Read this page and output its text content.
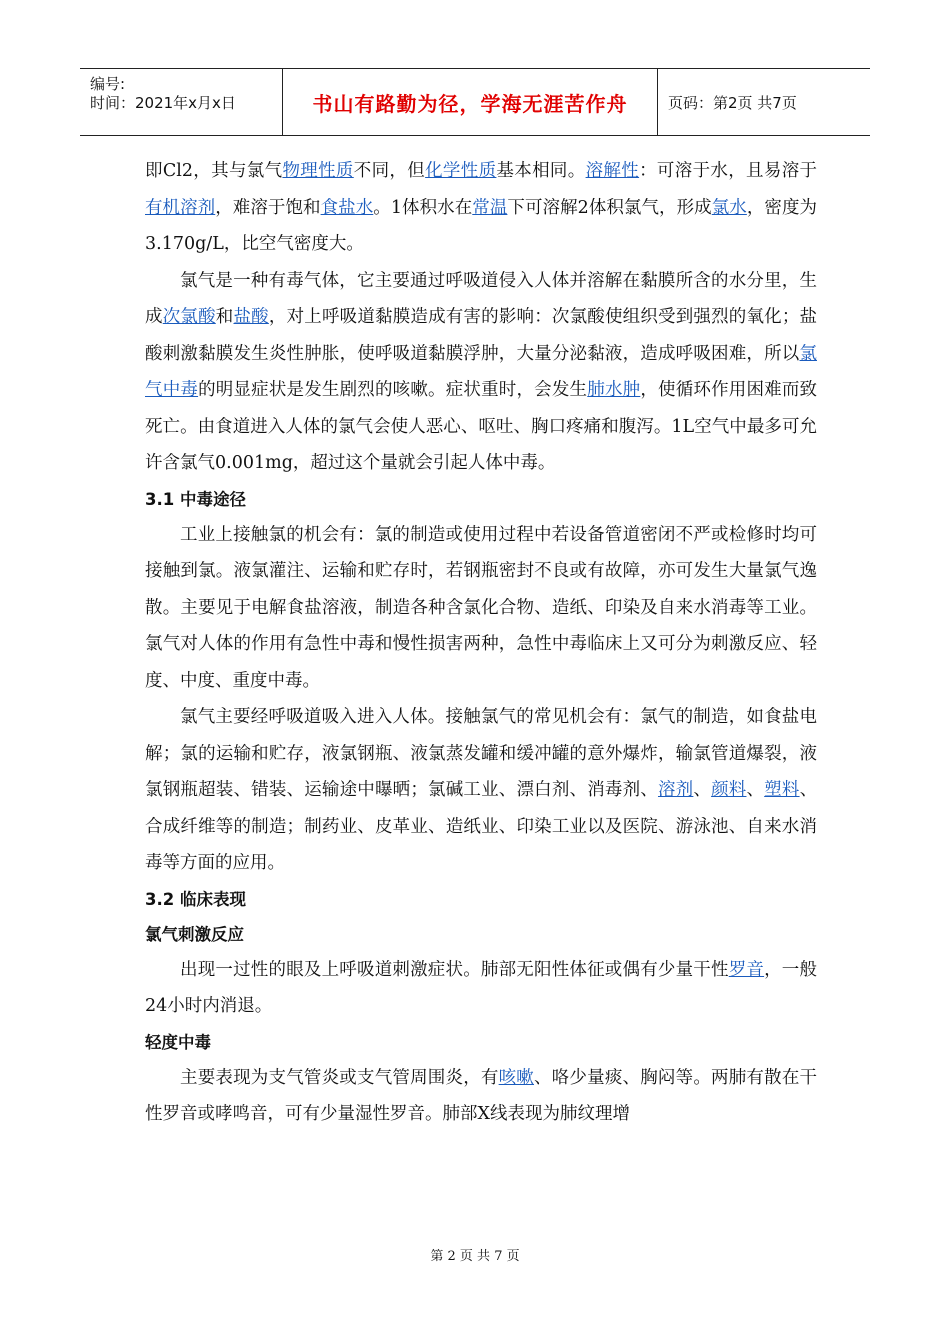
编号:
时间：2021年x月x日	书山有路勤为径，学海无涯苦作舟	页码：第2页 共7页

即Cl2，其与氯气物理性质不同，但化学性质基本相同。溶解性：可溶于水，且易溶于有机溶剂，难溶于饱和食盐水。1体积水在常温下可溶解2体积氯气，形成氯水，密度为3.170g/L，比空气密度大。

氯气是一种有毒气体，它主要通过呼吸道侵入人体并溶解在黏膜所含的水分里，生成次氯酸和盐酸，对上呼吸道黏膜造成有害的影响：次氯酸使组织受到强烈的氧化；盐酸刺激黏膜发生炎性肿胀，使呼吸道黏膜浮肿，大量分泌黏液，造成呼吸困难，所以氯气中毒的明显症状是发生剧烈的咳嗽。症状重时，会发生肺水肿，使循环作用困难而致死亡。由食道进入人体的氯气会使人恶心、呕吐、胸口疼痛和腹泻。1L空气中最多可允许含氯气0.001mg，超过这个量就会引起人体中毒。

3.1 中毒途径

工业上接触氯的机会有：氯的制造或使用过程中若设备管道密闭不严或检修时均可接触到氯。液氯灌注、运输和贮存时，若钢瓶密封不良或有故障，亦可发生大量氯气逸散。主要见于电解食盐溶液，制造各种含氯化合物、造纸、印染及自来水消毒等工业。氯气对人体的作用有急性中毒和慢性损害两种，急性中毒临床上又可分为刺激反应、轻度、中度、重度中毒。

氯气主要经呼吸道吸入进入人体。接触氯气的常见机会有：氯气的制造，如食盐电解；氯的运输和贮存，液氯钢瓶、液氯蒸发罐和缓冲罐的意外爆炸，输氯管道爆裂，液氯钢瓶超装、错装、运输途中曝晒；氯碱工业、漂白剂、消毒剂、溶剂、颜料、塑料、合成纤维等的制造；制药业、皮革业、造纸业、印染工业以及医院、游泳池、自来水消毒等方面的应用。

3.2 临床表现
氯气刺激反应

出现一过性的眼及上呼吸道刺激症状。肺部无阳性体征或偶有少量干性罗音，一般24小时内消退。

轻度中毒

主要表现为支气管炎或支气管周围炎，有咳嗽、咯少量痰、胸闷等。两肺有散在干性罗音或哮鸣音，可有少量湿性罗音。肺部X线表现为肺纹理增

第 2 页 共 7 页
